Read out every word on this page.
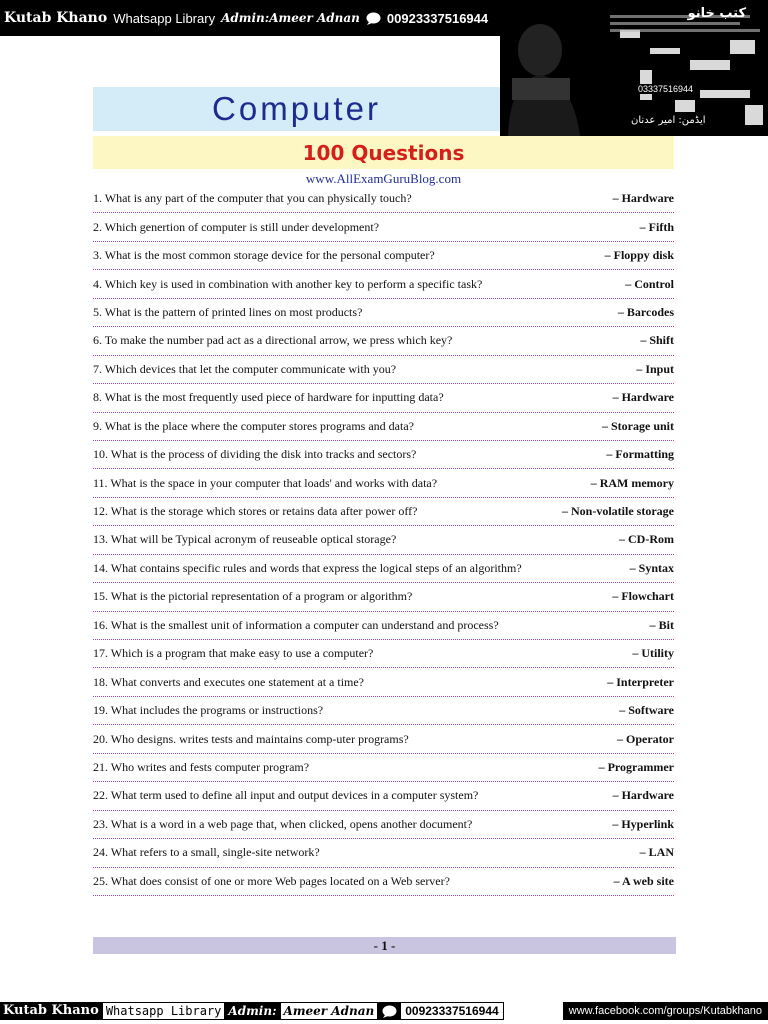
Kutab Khano Whatsapp Library Admin:Ameer Adnan 00923337516944	کتب خانو
03337516944
ایڈمن: امیر عدنان
Computer
100 Questions
www.AllExamGuruBlog.com
1. What is any part of the computer that you can physically touch?	– Hardware
2. Which genertion of computer is still under development?	– Fifth
3. What is the most common storage device for the personal computer?	– Floppy disk
4. Which key is used in combination with another key to perform a specific task?	– Control
5. What is the pattern of printed lines on most products?	– Barcodes
6. To make the number pad act as a directional arrow, we press which key?	– Shift
7. Which devices that let the computer communicate with you?	– Input
8. What is the most frequently used piece of hardware for inputting data?	– Hardware
9. What is the place where the computer stores programs and data?	– Storage unit
10. What is the process of dividing the disk into tracks and sectors?	– Formatting
11. What is the space in your computer that loads' and works with data?	– RAM memory
12. What is the storage which stores or retains data after power off?	– Non-volatile storage
13. What will be Typical acronym of reuseable optical storage?	– CD-Rom
14. What contains specific rules and words that express the logical steps of an algorithm?	– Syntax
15. What is the pictorial representation of a program or algorithm?	– Flowchart
16. What is the smallest unit of information a computer can understand and process?	– Bit
17. Which is a program that make easy to use a computer?	– Utility
18. What converts and executes one statement at a time?	– Interpreter
19. What includes the programs or instructions?	– Software
20. Who designs. writes tests and maintains comp-uter programs?	– Operator
21. Who writes and fests computer program?	– Programmer
22. What term used to define all input and output devices in a computer system?	– Hardware
23. What is a word in a web page that, when clicked, opens another document?	– Hyperlink
24. What refers to a small, single-site network?	– LAN
25. What does consist of one or more Web pages located on a Web server?	– A web site
- 1 -
Kutab Khano Whatsapp Library Admin: Ameer Adnan	00923337516944	www.facebook.com/groups/Kutabkhano
